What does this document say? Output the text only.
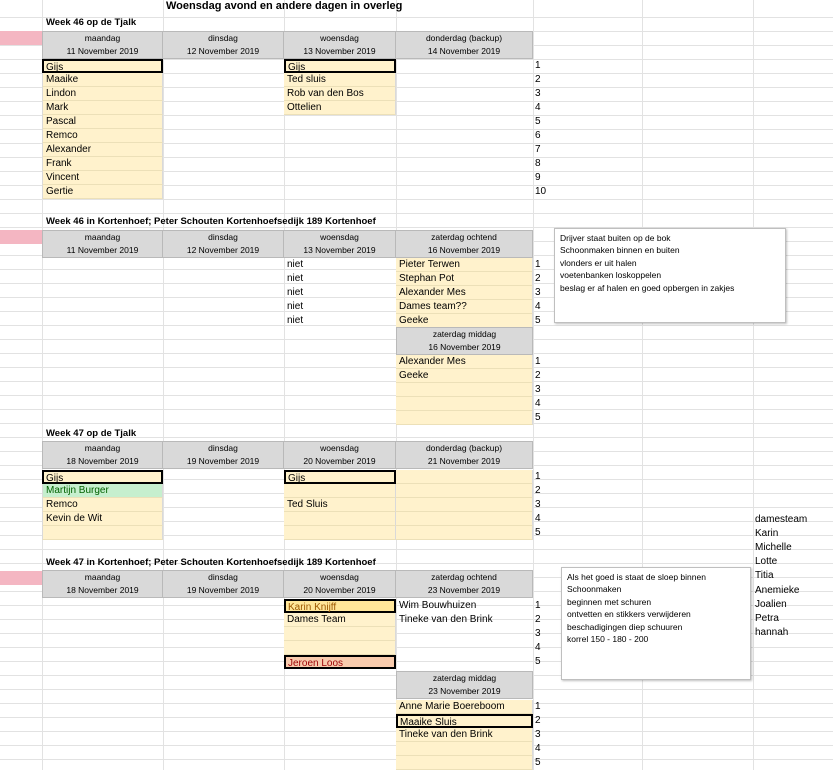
Woensdag avond en andere dagen in overleg
Week 46 op de Tjalk
maandag
11 November 2019
dinsdag
12 November 2019
woensdag
13 November 2019
donderdag (backup)
14 November 2019
Gijs
Maaike
Lindon
Mark
Pascal
Remco
Alexander
Frank
Vincent
Gertie
Gijs
Ted sluis
Rob van den Bos
Ottelien
1
2
3
4
5
6
7
8
9
10
Week 46 in Kortenhoef; Peter Schouten Kortenhoefsedijk 189 Kortenhoef
maandag
11 November 2019
dinsdag
12 November 2019
woensdag
13 November 2019
zaterdag ochtend
16 November 2019
niet
niet
niet
niet
niet
Pieter Terwen
Stephan Pot
Alexander Mes
Dames team??
Geeke
1
2
3
4
5
zaterdag middag
16 November 2019
Alexander Mes
Geeke
1
2
3
4
5
Drijver staat buiten op de bok
Schoonmaken binnen en buiten
vlonders er uit halen
voetenbanken loskoppelen
beslag er af halen en goed opbergen in zakjes
Week 47 op de Tjalk
maandag
18 November 2019
dinsdag
19 November 2019
woensdag
20 November 2019
donderdag (backup)
21 November 2019
Gijs
Martijn Burger
Remco
Kevin de Wit
Gijs
Ted Sluis
1
2
3
4
5
Week 47 in Kortenhoef; Peter Schouten Kortenhoefsedijk 189 Kortenhoef
maandag
18 November 2019
dinsdag
19 November 2019
woensdag
20 November 2019
zaterdag ochtend
23 November 2019
Karin Knijff
Dames Team
Jeroen Loos
Wim Bouwhuizen
Tineke van den Brink
1
2
3
4
5
zaterdag middag
23 November 2019
Anne Marie Boereboom
Maaike Sluis
Tineke van den Brink
1
2
3
4
5
Als het goed is staat de sloep binnen
Schoonmaken
beginnen met schuren
ontvetten en stikkers verwijderen
beschadigingen diep schuuren
korrel 150 - 180 - 200
damesteam
Karin
Michelle
Lotte
Titia
Anemieke
Joalien
Petra
hannah
